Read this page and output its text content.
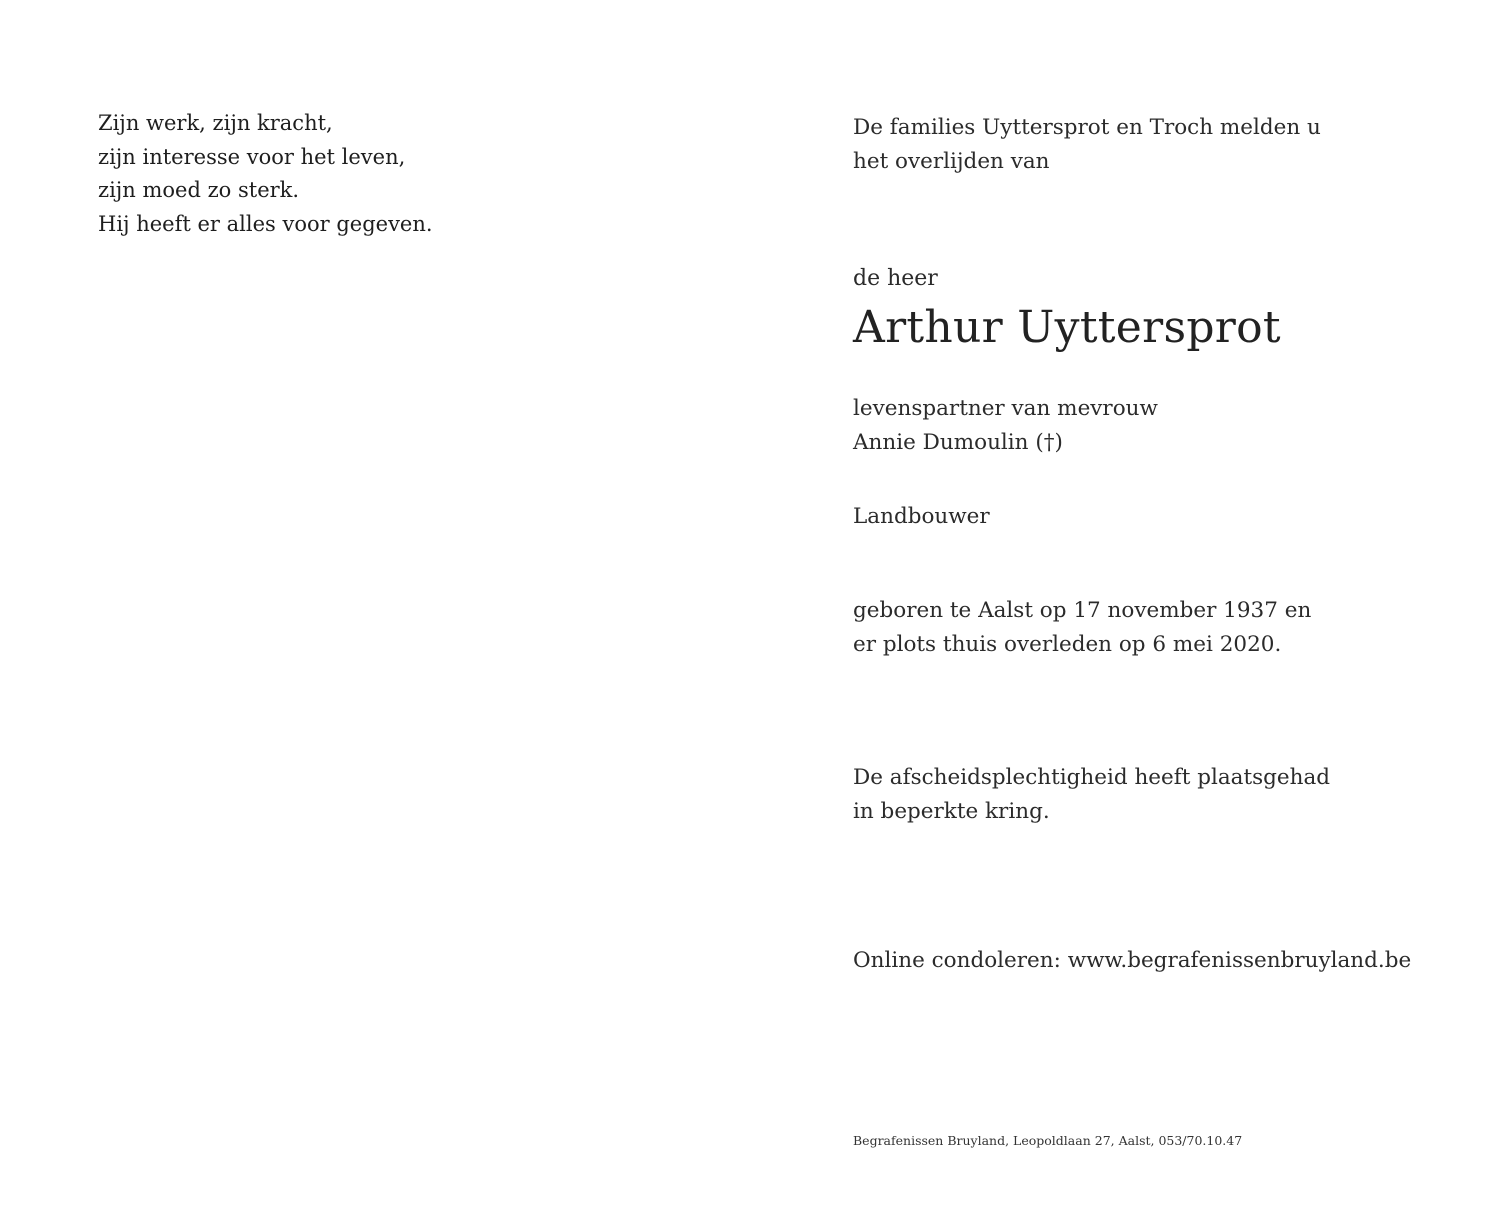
Zijn werk, zijn kracht,
zijn interesse voor het leven,
zijn moed zo sterk.
Hij heeft er alles voor gegeven.
De families Uyttersprot en Troch melden u
het overlijden van
de heer
Arthur Uyttersprot
levenspartner van mevrouw
Annie Dumoulin (†)
Landbouwer
geboren te Aalst op 17 november 1937 en
er plots thuis overleden op 6 mei 2020.
De afscheidsplechtigheid heeft plaatsgehad
in beperkte kring.
Online condoleren: www.begrafenissenbruyland.be
Begrafenissen Bruyland, Leopoldlaan 27, Aalst, 053/70.10.47
